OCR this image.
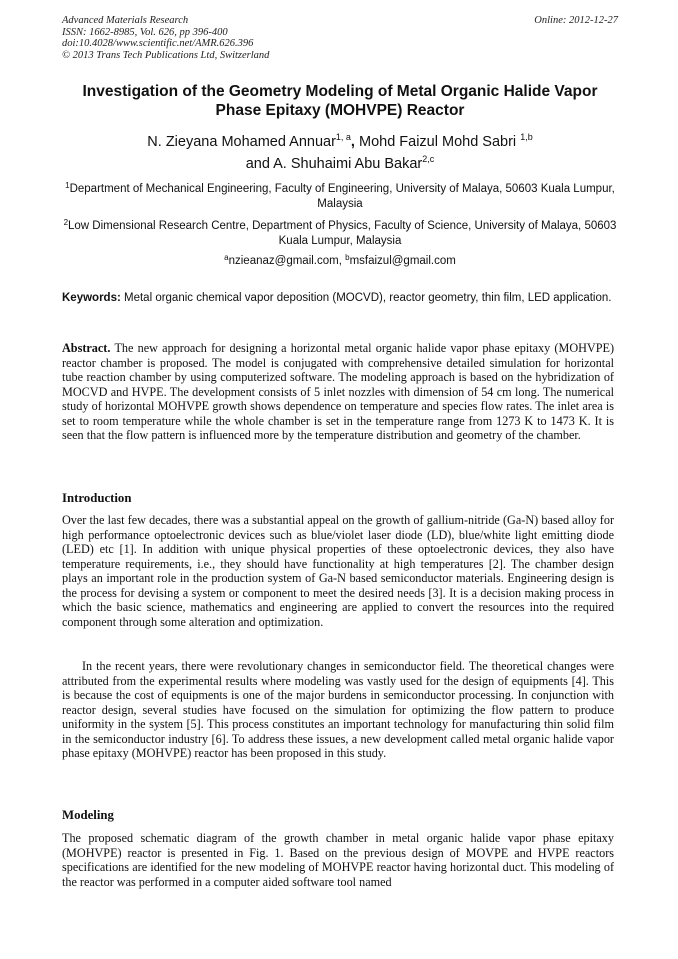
Advanced Materials Research
ISSN: 1662-8985, Vol. 626, pp 396-400
doi:10.4028/www.scientific.net/AMR.626.396
© 2013 Trans Tech Publications Ltd, Switzerland
Online: 2012-12-27
Investigation of the Geometry Modeling of Metal Organic Halide Vapor Phase Epitaxy (MOHVPE) Reactor
N. Zieyana Mohamed Annuar$^{1, a}$, Mohd Faizul Mohd Sabri $^{1,b}$
and A. Shuhaimi Abu Bakar$^{2,c}$
$^1$Department of Mechanical Engineering, Faculty of Engineering, University of Malaya, 50603 Kuala Lumpur, Malaysia
$^2$Low Dimensional Research Centre, Department of Physics, Faculty of Science, University of Malaya, 50603 Kuala Lumpur, Malaysia
$^a$nzieanaz@gmail.com, $^b$msfaizul@gmail.com
Keywords: Metal organic chemical vapor deposition (MOCVD), reactor geometry, thin film, LED application.
Abstract. The new approach for designing a horizontal metal organic halide vapor phase epitaxy (MOHVPE) reactor chamber is proposed. The model is conjugated with comprehensive detailed simulation for horizontal tube reaction chamber by using computerized software. The modeling approach is based on the hybridization of MOCVD and HVPE. The development consists of 5 inlet nozzles with dimension of 54 cm long. The numerical study of horizontal MOHVPE growth shows dependence on temperature and species flow rates. The inlet area is set to room temperature while the whole chamber is set in the temperature range from 1273 K to 1473 K. It is seen that the flow pattern is influenced more by the temperature distribution and geometry of the chamber.
Introduction
Over the last few decades, there was a substantial appeal on the growth of gallium-nitride (Ga-N) based alloy for high performance optoelectronic devices such as blue/violet laser diode (LD), blue/white light emitting diode (LED) etc [1]. In addition with unique physical properties of these optoelectronic devices, they also have temperature requirements, i.e., they should have functionality at high temperatures [2]. The chamber design plays an important role in the production system of Ga-N based semiconductor materials. Engineering design is the process for devising a system or component to meet the desired needs [3]. It is a decision making process in which the basic science, mathematics and engineering are applied to convert the resources into the required component through some alteration and optimization.
In the recent years, there were revolutionary changes in semiconductor field. The theoretical changes were attributed from the experimental results where modeling was vastly used for the design of equipments [4]. This is because the cost of equipments is one of the major burdens in semiconductor processing. In conjunction with reactor design, several studies have focused on the simulation for optimizing the flow pattern to produce uniformity in the system [5]. This process constitutes an important technology for manufacturing thin solid film in the semiconductor industry [6]. To address these issues, a new development called metal organic halide vapor phase epitaxy (MOHVPE) reactor has been proposed in this study.
Modeling
The proposed schematic diagram of the growth chamber in metal organic halide vapor phase epitaxy (MOHVPE) reactor is presented in Fig. 1. Based on the previous design of MOVPE and HVPE reactors specifications are identified for the new modeling of MOHVPE reactor having horizontal duct. This modeling of the reactor was performed in a computer aided software tool named
